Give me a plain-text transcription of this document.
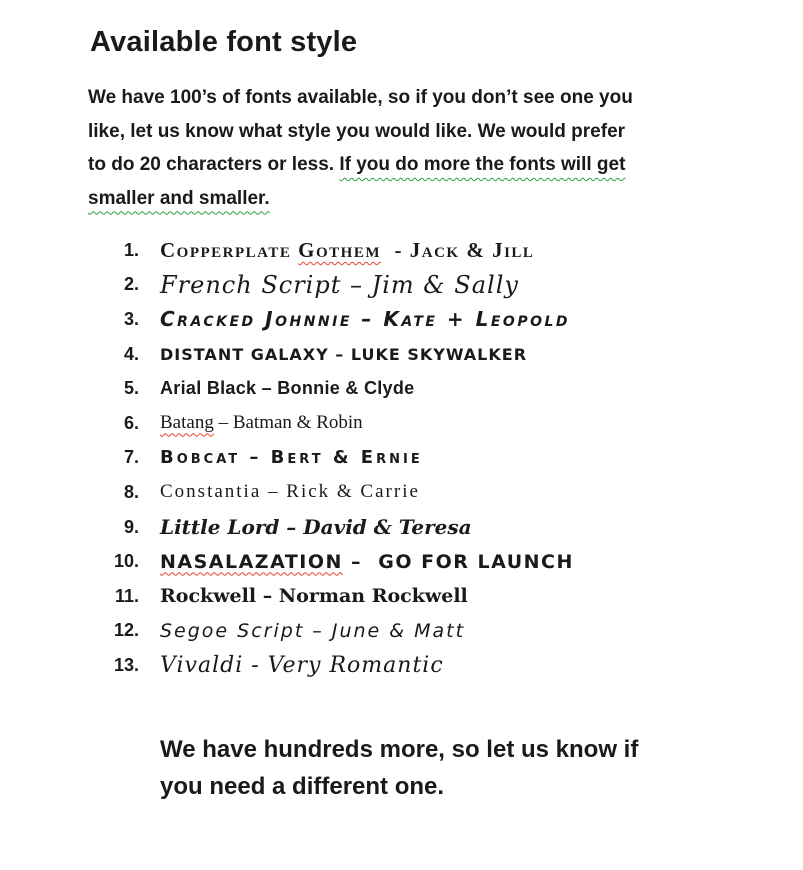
Available font style

We have 100’s of fonts available, so if you don’t see one you
like, let us know what style you would like. We would prefer
to do 20 characters or less. If you do more the fonts will get
smaller and smaller.

1. Copperplate Gothem  - Jack & Jill
2. French Script – Jim & Sally
3. Cracked Johnnie – Kate + Leopold
4. DISTANT GALAXY – LUKE SKYWALKER
5. Arial Black – Bonnie & Clyde
6. Batang – Batman & Robin
7. Bobcat – Bert & Ernie
8. Constantia – Rick & Carrie
9. Little Lord – David & Teresa
10. NASALAZATION –  GO FOR LAUNCH
11. Rockwell – Norman Rockwell
12. Segoe Script – June & Matt
13. Vivaldi - Very Romantic
We have hundreds more, so let us know if
you need a different one.
